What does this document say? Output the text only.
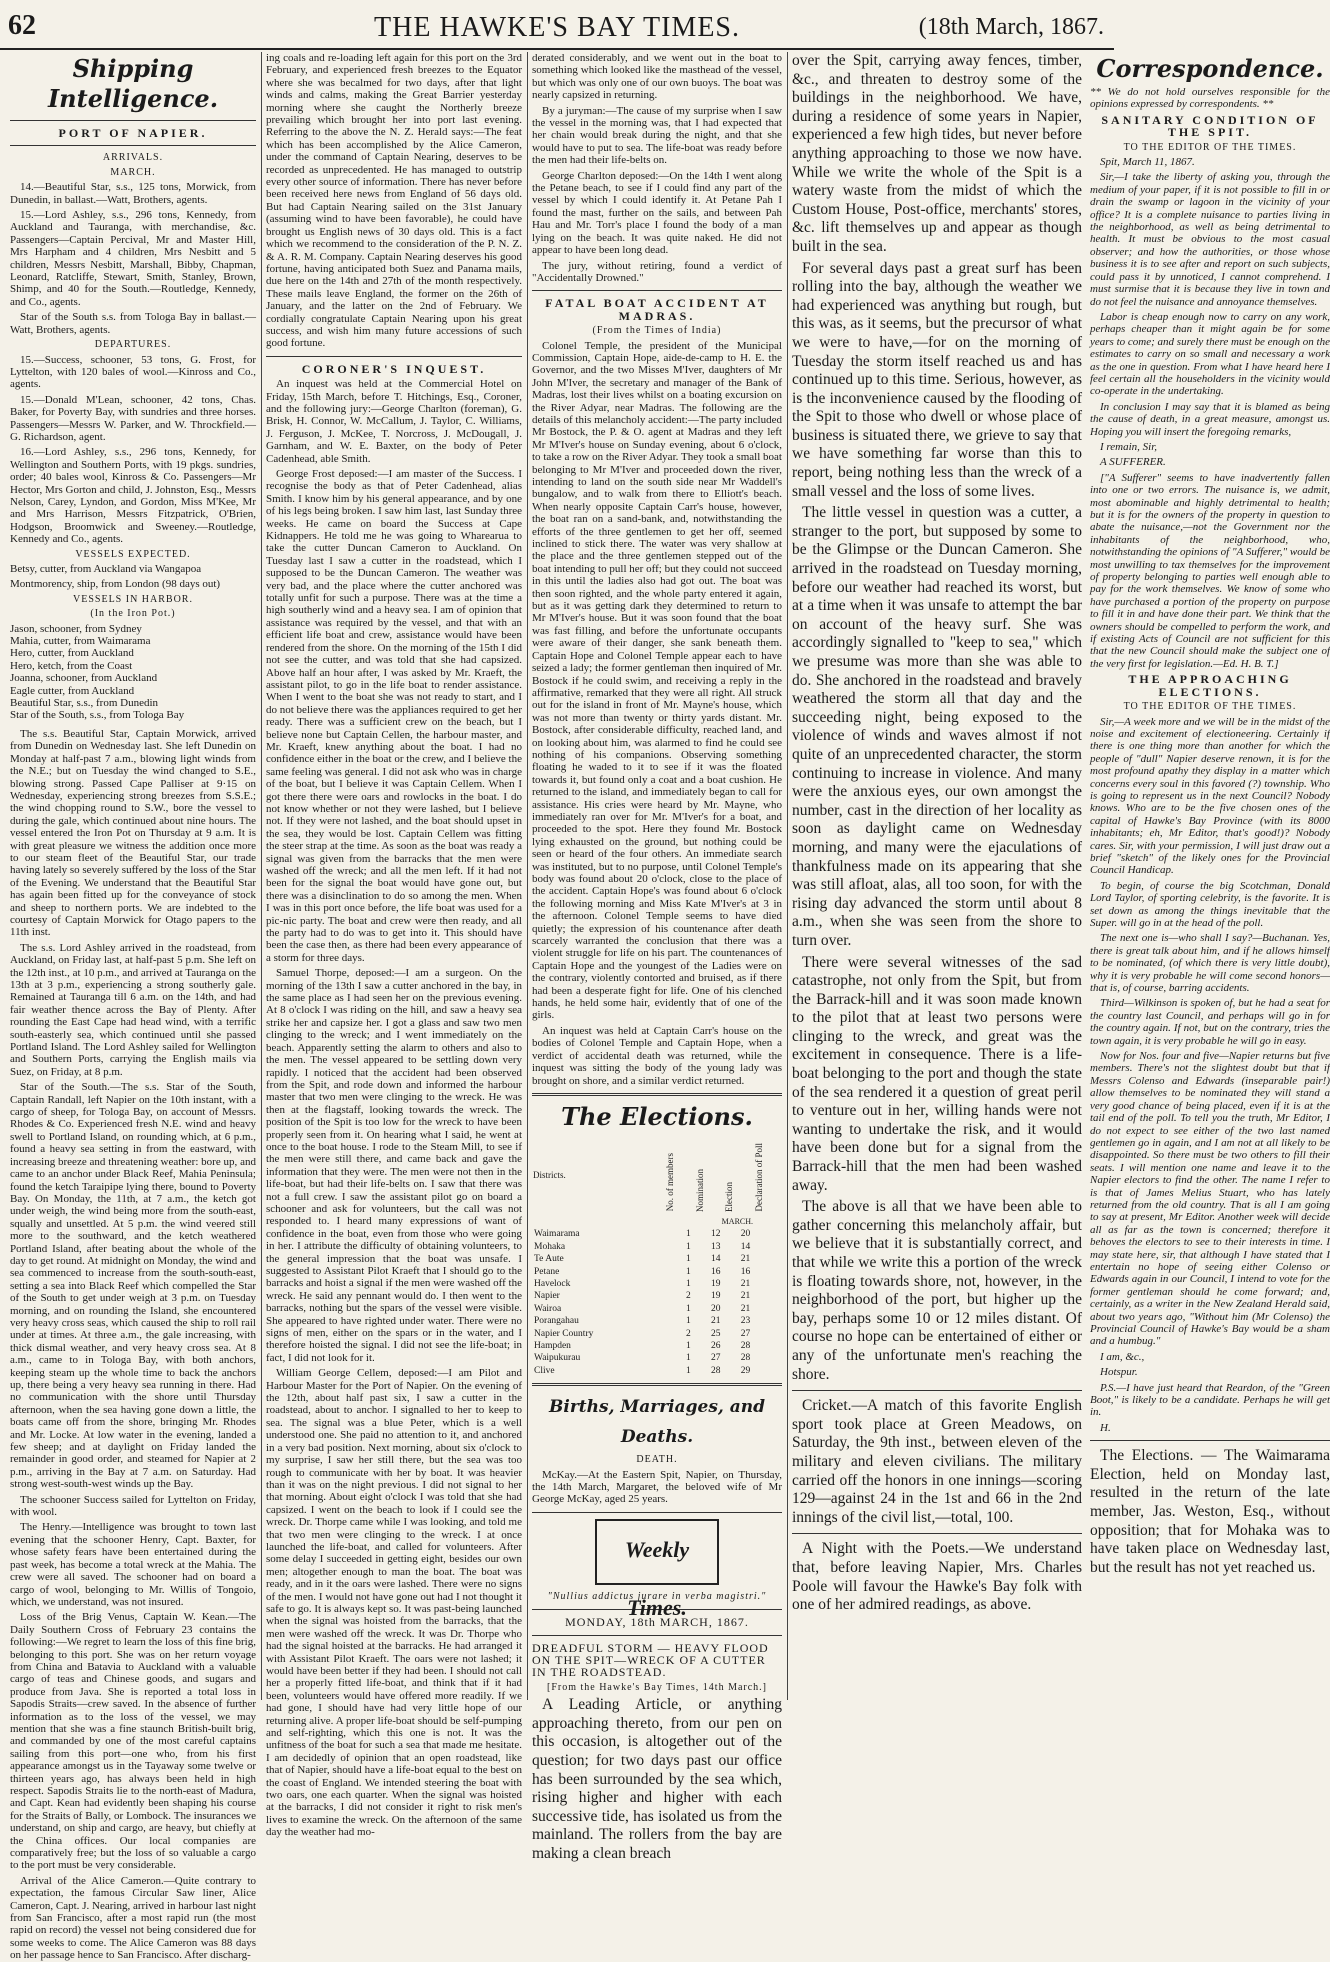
62	THE HAWKE'S BAY TIMES.	(18th March, 1867.
Shipping Intelligence.
PORT OF NAPIER.
ARRIVALS.
MARCH.

14.—Beautiful Star, s.s., 125 tons, Morwick, from Dunedin, in ballast.—Watt, Brothers, agents.

15.—Lord Ashley, s.s., 296 tons, Kennedy, from Auckland and Tauranga, with merchandise, &c. Passengers—Captain Percival, Mr and Master Hill, Mrs Harpham and 4 children, Mrs Nesbitt and 5 children, Messrs Nesbitt, Marshall, Bibby, Chapman, Leonard, Ratcliffe, Stewart, Smith, Stanley, Brown, Shimp, and 40 for the South.—Routledge, Kennedy, and Co., agents.

Star of the South s.s. from Tologa Bay in ballast.—Watt, Brothers, agents.

DEPARTURES.

15.—Success, schooner, 53 tons, G. Frost, for Lyttelton, with 120 bales of wool.—Kinross and Co., agents.

15.—Donald M'Lean, schooner, 42 tons, Chas. Baker, for Poverty Bay, with sundries and three horses. Passengers—Messrs W. Parker, and W. Throckfield.—G. Richardson, agent.

16.—Lord Ashley, s.s., 296 tons, Kennedy, for Wellington and Southern Ports, with 19 pkgs. sundries, order; 40 bales wool, Kinross & Co. Passengers—Mr Hector, Mrs Gorton and child, J. Johnston, Esq., Messrs Nelson, Carey, Lyndon, and Gordon, Miss M'Kee, Mr and Mrs Harrison, Messrs Fitzpatrick, O'Brien, Hodgson, Broomwick and Sweeney.—Routledge, Kennedy and Co., agents.

VESSELS EXPECTED.

Betsy, cutter, from Auckland via Wangapoa

Montmorency, ship, from London (98 days out)

VESSELS IN HARBOR.
(In the Iron Pot.)
Jason, schooner, from Sydney
Mahia, cutter, from Waimarama
Hero, cutter, from Auckland
Hero, ketch, from the Coast
Joanna, schooner, from Auckland
Eagle cutter, from Auckland
Beautiful Star, s.s., from Dunedin
Star of the South, s.s., from Tologa Bay

The s.s. Beautiful Star, Captain Morwick, arrived from Dunedin on Wednesday last. She left Dunedin on Monday at half-past 7 a.m., blowing light winds from the N.E.; but on Tuesday the wind changed to S.E., blowing strong. Passed Cape Palliser at 9·15 on Wednesday, experiencing strong breezes from S.S.E.; the wind chopping round to S.W., bore the vessel to during the gale, which continued about nine hours. The vessel entered the Iron Pot on Thursday at 9 a.m. It is with great pleasure we witness the addition once more to our steam fleet of the Beautiful Star, our trade having lately so severely suffered by the loss of the Star of the Evening. We understand that the Beautiful Star has again been fitted up for the conveyance of stock and sheep to northern ports. We are indebted to the courtesy of Captain Morwick for Otago papers to the 11th inst.

The s.s. Lord Ashley arrived in the roadstead, from Auckland, on Friday last, at half-past 5 p.m. She left on the 12th inst., at 10 p.m., and arrived at Tauranga on the 13th at 3 p.m., experiencing a strong southerly gale. Remained at Tauranga till 6 a.m. on the 14th, and had fair weather thence across the Bay of Plenty. After rounding the East Cape had head wind, with a terrific south-easterly sea, which continued until she passed Portland Island. The Lord Ashley sailed for Wellington and Southern Ports, carrying the English mails via Suez, on Friday, at 8 p.m.

Star of the South.—The s.s. Star of the South, Captain Randall, left Napier on the 10th instant, with a cargo of sheep, for Tologa Bay, on account of Messrs. Rhodes & Co. Experienced fresh N.E. wind and heavy swell to Portland Island, on rounding which, at 6 p.m., found a heavy sea setting in from the eastward, with increasing breeze and threatening weather: bore up, and came to an anchor under Black Reef, Mahia Peninsula; found the ketch Taraipipe lying there, bound to Poverty Bay. On Monday, the 11th, at 7 a.m., the ketch got under weigh, the wind being more from the south-east, squally and unsettled. At 5 p.m. the wind veered still more to the southward, and the ketch weathered Portland Island, after beating about the whole of the day to get round. At midnight on Monday, the wind and sea commenced to increase from the south-south-east, setting a sea into Black Reef which compelled the Star of the South to get under weigh at 3 p.m. on Tuesday morning, and on rounding the Island, she encountered very heavy cross seas, which caused the ship to roll rail under at times. At three a.m., the gale increasing, with thick dismal weather, and very heavy cross sea. At 8 a.m., came to in Tologa Bay, with both anchors, keeping steam up the whole time to back the anchors up, there being a very heavy sea running in there. Had no communication with the shore until Thursday afternoon, when the sea having gone down a little, the boats came off from the shore, bringing Mr. Rhodes and Mr. Locke. At low water in the evening, landed a few sheep; and at daylight on Friday landed the remainder in good order, and steamed for Napier at 2 p.m., arriving in the Bay at 7 a.m. on Saturday. Had strong west-south-west winds up the Bay.

The schooner Success sailed for Lyttelton on Friday, with wool.

The Henry.—Intelligence was brought to town last evening that the schooner Henry, Capt. Baxter, for whose safety fears have been entertained during the past week, has become a total wreck at the Mahia. The crew were all saved. The schooner had on board a cargo of wool, belonging to Mr. Willis of Tongoio, which, we understand, was not insured.

Loss of the Brig Venus, Captain W. Kean.—The Daily Southern Cross of February 23 contains the following:—We regret to learn the loss of this fine brig, belonging to this port. She was on her return voyage from China and Batavia to Auckland with a valuable cargo of teas and Chinese goods, and sugars and produce from Java. She is reported a total loss in Sapodis Straits—crew saved. In the absence of further information as to the loss of the vessel, we may mention that she was a fine staunch British-built brig, and commanded by one of the most careful captains sailing from this port—one who, from his first appearance amongst us in the Tayaway some twelve or thirteen years ago, has always been held in high respect. Sapodis Straits lie to the north-east of Madura, and Capt. Kean had evidently been shaping his course for the Straits of Bally, or Lombock. The insurances we understand, on ship and cargo, are heavy, but chiefly at the China offices. Our local companies are comparatively free; but the loss of so valuable a cargo to the port must be very considerable.

Arrival of the Alice Cameron.—Quite contrary to expectation, the famous Circular Saw liner, Alice Cameron, Capt. J. Nearing, arrived in harbour last night from San Francisco, after a most rapid run (the most rapid on record) the vessel not being considered due for some weeks to come. The Alice Cameron was 88 days on her passage hence to San Francisco. After discharg-

ing coals and re-loading left again for this port on the 3rd February, and experienced fresh breezes to the Equator where she was becalmed for two days, after that light winds and calms, making the Great Barrier yesterday morning where she caught the Northerly breeze prevailing which brought her into port last evening. Referring to the above the N. Z. Herald says:—The feat which has been accomplished by the Alice Cameron, under the command of Captain Nearing, deserves to be recorded as unprecedented. He has managed to outstrip every other source of information. There has never before been received here news from England of 56 days old. But had Captain Nearing sailed on the 31st January (assuming wind to have been favorable), he could have brought us English news of 30 days old. This is a fact which we recommend to the consideration of the P. N. Z. & A. R. M. Company. Captain Nearing deserves his good fortune, having anticipated both Suez and Panama mails, due here on the 14th and 27th of the month respectively. These mails leave England, the former on the 26th of January, and the latter on the 2nd of February. We cordially congratulate Captain Nearing upon his great success, and wish him many future accessions of such good fortune.

CORONER'S INQUEST.

An inquest was held at the Commercial Hotel on Friday, 15th March, before T. Hitchings, Esq., Coroner, and the following jury:—George Charlton (foreman), G. Brisk, H. Connor, W. McCallum, J. Taylor, C. Williams, J. Ferguson, J. McKee, T. Norcross, J. McDougall, J. Garnham, and W. E. Baxter, on the body of Peter Cadenhead, able Smith.

George Frost deposed:—I am master of the Success. I recognise the body as that of Peter Cadenhead, alias Smith. I know him by his general appearance, and by one of his legs being broken. I saw him last, last Sunday three weeks. He came on board the Success at Cape Kidnappers. He told me he was going to Wharearua to take the cutter Duncan Cameron to Auckland. On Tuesday last I saw a cutter in the roadstead, which I supposed to be the Duncan Cameron. The weather was very bad, and the place where the cutter anchored was totally unfit for such a purpose. There was at the time a high southerly wind and a heavy sea. I am of opinion that assistance was required by the vessel, and that with an efficient life boat and crew, assistance would have been rendered from the shore. On the morning of the 15th I did not see the cutter, and was told that she had capsized. Above half an hour after, I was asked by Mr. Kraeft, the assistant pilot, to go in the life boat to render assistance. When I went to the boat she was not ready to start, and I do not believe there was the appliances required to get her ready. There was a sufficient crew on the beach, but I believe none but Captain Cellen, the harbour master, and Mr. Kraeft, knew anything about the boat. I had no confidence either in the boat or the crew, and I believe the same feeling was general. I did not ask who was in charge of the boat, but I believe it was Captain Cellem. When I got there there were oars and rowlocks in the boat. I do not know whether or not they were lashed, but I believe not. If they were not lashed, and the boat should upset in the sea, they would be lost. Captain Cellem was fitting the steer strap at the time. As soon as the boat was ready a signal was given from the barracks that the men were washed off the wreck; and all the men left. If it had not been for the signal the boat would have gone out, but there was a disinclination to do so among the men. When I was in this port once before, the life boat was used for a pic-nic party. The boat and crew were then ready, and all the party had to do was to get into it. This should have been the case then, as there had been every appearance of a storm for three days.

Samuel Thorpe, deposed:—I am a surgeon. On the morning of the 13th I saw a cutter anchored in the bay, in the same place as I had seen her on the previous evening. At 8 o'clock I was riding on the hill, and saw a heavy sea strike her and capsize her. I got a glass and saw two men clinging to the wreck; and I went immediately on the beach. Apparently setting the alarm to others and also to the men. The vessel appeared to be settling down very rapidly. I noticed that the accident had been observed from the Spit, and rode down and informed the harbour master that two men were clinging to the wreck. He was then at the flagstaff, looking towards the wreck. The position of the Spit is too low for the wreck to have been properly seen from it. On hearing what I said, he went at once to the boat house. I rode to the Steam Mill, to see if the men were still there, and came back and gave the information that they were. The men were not then in the life-boat, but had their life-belts on. I saw that there was not a full crew. I saw the assistant pilot go on board a schooner and ask for volunteers, but the call was not responded to. I heard many expressions of want of confidence in the boat, even from those who were going in her. I attribute the difficulty of obtaining volunteers, to the general impression that the boat was unsafe. I suggested to Assistant Pilot Kraeft that I should go to the barracks and hoist a signal if the men were washed off the wreck. He said any pennant would do. I then went to the barracks, nothing but the spars of the vessel were visible. She appeared to have righted under water. There were no signs of men, either on the spars or in the water, and I therefore hoisted the signal. I did not see the life-boat; in fact, I did not look for it.

William George Cellem, deposed:—I am Pilot and Harbour Master for the Port of Napier. On the evening of the 12th, about half past six, I saw a cutter in the roadstead, about to anchor. I signalled to her to keep to sea. The signal was a blue Peter, which is a well understood one. She paid no attention to it, and anchored in a very bad position. Next morning, about six o'clock to my surprise, I saw her still there, but the sea was too rough to communicate with her by boat. It was heavier than it was on the night previous. I did not signal to her that morning. About eight o'clock I was told that she had capsized. I went on the beach to look if I could see the wreck. Dr. Thorpe came while I was looking, and told me that two men were clinging to the wreck. I at once launched the life-boat, and called for volunteers. After some delay I succeeded in getting eight, besides our own men; altogether enough to man the boat. The boat was ready, and in it the oars were lashed. There were no signs of the men. I would not have gone out had I not thought it safe to go. It is always kept so. It was past-being launched when the signal was hoisted from the barracks, that the men were washed off the wreck. It was Dr. Thorpe who had the signal hoisted at the barracks. He had arranged it with Assistant Pilot Kraeft. The oars were not lashed; it would have been better if they had been. I should not call her a properly fitted life-boat, and think that if it had been, volunteers would have offered more readily. If we had gone, I should have had very little hope of our returning alive. A proper life-boat should be self-pumping and self-righting, which this one is not. It was the unfitness of the boat for such a sea that made me hesitate. I am decidedly of opinion that an open roadstead, like that of Napier, should have a life-boat equal to the best on the coast of England. We intended steering the boat with two oars, one each quarter. When the signal was hoisted at the barracks, I did not consider it right to risk men's lives to examine the wreck. On the afternoon of the same day the weather had mo-

derated considerably, and we went out in the boat to something which looked like the masthead of the vessel, but which was only one of our own buoys. The boat was nearly capsized in returning.

By a juryman:—The cause of my surprise when I saw the vessel in the morning was, that I had expected that her chain would break during the night, and that she would have to put to sea. The life-boat was ready before the men had their life-belts on.

George Charlton deposed:—On the 14th I went along the Petane beach, to see if I could find any part of the vessel by which I could identify it. At Petane Pah I found the mast, further on the sails, and between Pah Hau and Mr. Torr's place I found the body of a man lying on the beach. It was quite naked. He did not appear to have been long dead.

The jury, without retiring, found a verdict of "Accidentally Drowned."

FATAL BOAT ACCIDENT AT MADRAS.
(From the Times of India)

Colonel Temple, the president of the Municipal Commission, Captain Hope, aide-de-camp to H. E. the Governor, and the two Misses M'Iver, daughters of Mr John M'Iver, the secretary and manager of the Bank of Madras, lost their lives whilst on a boating excursion on the River Adyar, near Madras. The following are the details of this melancholy accident:—The party included Mr Bostock, the P. & O. agent at Madras and they left Mr M'Iver's house on Sunday evening, about 6 o'clock, to take a row on the River Adyar. They took a small boat belonging to Mr M'Iver and proceeded down the river, intending to land on the south side near Mr Waddell's bungalow, and to walk from there to Elliott's beach. When nearly opposite Captain Carr's house, however, the boat ran on a sand-bank, and, notwithstanding the efforts of the three gentlemen to get her off, seemed inclined to stick there. The water was very shallow at the place and the three gentlemen stepped out of the boat intending to pull her off; but they could not succeed in this until the ladies also had got out. The boat was then soon righted, and the whole party entered it again, but as it was getting dark they determined to return to Mr M'Iver's house. But it was soon found that the boat was fast filling, and before the unfortunate occupants were aware of their danger, she sank beneath them. Captain Hope and Colonel Temple appear each to have seized a lady; the former gentleman then inquired of Mr. Bostock if he could swim, and receiving a reply in the affirmative, remarked that they were all right. All struck out for the island in front of Mr. Mayne's house, which was not more than twenty or thirty yards distant. Mr. Bostock, after considerable difficulty, reached land, and on looking about him, was alarmed to find he could see nothing of his companions. Observing something floating he waded to it to see if it was the floated towards it, but found only a coat and a boat cushion. He returned to the island, and immediately began to call for assistance. His cries were heard by Mr. Mayne, who immediately ran over for Mr. M'Iver's for a boat, and proceeded to the spot. Here they found Mr. Bostock lying exhausted on the ground, but nothing could be seen or heard of the four others. An immediate search was instituted, but to no purpose, until Colonel Temple's body was found about 20 o'clock, close to the place of the accident. Captain Hope's was found about 6 o'clock the following morning and Miss Kate M'Iver's at 3 in the afternoon. Colonel Temple seems to have died quietly; the expression of his countenance after death scarcely warranted the conclusion that there was a violent struggle for life on his part. The countenances of Captain Hope and the youngest of the Ladies were on the contrary, violently contorted and bruised, as if there had been a desperate fight for life. One of his clenched hands, he held some hair, evidently that of one of the girls.

An inquest was held at Captain Carr's house on the bodies of Colonel Temple and Captain Hope, when a verdict of accidental death was returned, while the inquest was sitting the body of the young lady was brought on shore, and a similar verdict returned.

The Elections.
Districts.	No. of members	Nomination	Election	Declaration of Poll
		MARCH.		
Waimarama	1	12	20	
Mohaka	1	13	14	
Te Aute	1	14	21	
Petane	1	16	16	
Havelock	1	19	21	
Napier	2	19	21	
Wairoa	1	20	21	
Porangahau	1	21	23	
Napier Country	2	25	27	
Hampden	1	26	28	
Waipukurau	1	27	28	
Clive	1	28	29	
Births, Marriages, and Deaths.
DEATH.

McKay.—At the Eastern Spit, Napier, on Thursday, the 14th March, Margaret, the beloved wife of Mr George McKay, aged 25 years.

Weekly Times.
"Nullius addictus jurare in verba magistri."
MONDAY, 18th MARCH, 1867.
DREADFUL STORM — HEAVY FLOOD ON THE SPIT—WRECK OF A CUTTER IN THE ROADSTEAD.
[From the Hawke's Bay Times, 14th March.]

A Leading Article, or anything approaching thereto, from our pen on this occasion, is altogether out of the question; for two days past our office has been surrounded by the sea which, rising higher and higher with each successive tide, has isolated us from the mainland. The rollers from the bay are making a clean breach

over the Spit, carrying away fences, timber, &c., and threaten to destroy some of the buildings in the neighborhood. We have, during a residence of some years in Napier, experienced a few high tides, but never before anything approaching to those we now have. While we write the whole of the Spit is a watery waste from the midst of which the Custom House, Post-office, merchants' stores, &c. lift themselves up and appear as though built in the sea.

For several days past a great surf has been rolling into the bay, although the weather we had experienced was anything but rough, but this was, as it seems, but the precursor of what we were to have,—for on the morning of Tuesday the storm itself reached us and has continued up to this time. Serious, however, as is the inconvenience caused by the flooding of the Spit to those who dwell or whose place of business is situated there, we grieve to say that we have something far worse than this to report, being nothing less than the wreck of a small vessel and the loss of some lives.

The little vessel in question was a cutter, a stranger to the port, but supposed by some to be the Glimpse or the Duncan Cameron. She arrived in the roadstead on Tuesday morning, before our weather had reached its worst, but at a time when it was unsafe to attempt the bar on account of the heavy surf. She was accordingly signalled to "keep to sea," which we presume was more than she was able to do. She anchored in the roadstead and bravely weathered the storm all that day and the succeeding night, being exposed to the violence of winds and waves almost if not quite of an unprecedented character, the storm continuing to increase in violence. And many were the anxious eyes, our own amongst the number, cast in the direction of her locality as soon as daylight came on Wednesday morning, and many were the ejaculations of thankfulness made on its appearing that she was still afloat, alas, all too soon, for with the rising day advanced the storm until about 8 a.m., when she was seen from the shore to turn over.

There were several witnesses of the sad catastrophe, not only from the Spit, but from the Barrack-hill and it was soon made known to the pilot that at least two persons were clinging to the wreck, and great was the excitement in consequence. There is a life-boat belonging to the port and though the state of the sea rendered it a question of great peril to venture out in her, willing hands were not wanting to undertake the risk, and it would have been done but for a signal from the Barrack-hill that the men had been washed away.

The above is all that we have been able to gather concerning this melancholy affair, but we believe that it is substantially correct, and that while we write this a portion of the wreck is floating towards shore, not, however, in the neighborhood of the port, but higher up the bay, perhaps some 10 or 12 miles distant. Of course no hope can be entertained of either or any of the unfortunate men's reaching the shore.

Cricket.—A match of this favorite English sport took place at Green Meadows, on Saturday, the 9th inst., between eleven of the military and eleven civilians. The military carried off the honors in one innings—scoring 129—against 24 in the 1st and 66 in the 2nd innings of the civil list,—total, 100.

A Night with the Poets.—We understand that, before leaving Napier, Mrs. Charles Poole will favour the Hawke's Bay folk with one of her admired readings, as above.

Correspondence.

** We do not hold ourselves responsible for the opinions expressed by correspondents. **

SANITARY CONDITION OF THE SPIT.
TO THE EDITOR OF THE TIMES.

Spit, March 11, 1867.

Sir,—I take the liberty of asking you, through the medium of your paper, if it is not possible to fill in or drain the swamp or lagoon in the vicinity of your office? It is a complete nuisance to parties living in the neighborhood, as well as being detrimental to health. It must be obvious to the most casual observer; and how the authorities, or those whose business it is to see after and report on such subjects, could pass it by unnoticed, I cannot comprehend. I must surmise that it is because they live in town and do not feel the nuisance and annoyance themselves.

Labor is cheap enough now to carry on any work, perhaps cheaper than it might again be for some years to come; and surely there must be enough on the estimates to carry on so small and necessary a work as the one in question. From what I have heard here I feel certain all the householders in the vicinity would co-operate in the undertaking.

In conclusion I may say that it is blamed as being the cause of death, in a great measure, amongst us. Hoping you will insert the foregoing remarks,

I remain, Sir,

A SUFFERER.

["A Sufferer" seems to have inadvertently fallen into one or two errors. The nuisance is, we admit, most abominable and highly detrimental to health; but it is for the owners of the property in question to abate the nuisance,—not the Government nor the inhabitants of the neighborhood, who, notwithstanding the opinions of "A Sufferer," would be most unwilling to tax themselves for the improvement of property belonging to parties well enough able to pay for the work themselves. We know of some who have purchased a portion of the property on purpose to fill it in and have done their part. We think that the owners should be compelled to perform the work, and if existing Acts of Council are not sufficient for this that the new Council should make the subject one of the very first for legislation.—Ed. H. B. T.]

THE APPROACHING ELECTIONS.
TO THE EDITOR OF THE TIMES.

Sir,—A week more and we will be in the midst of the noise and excitement of electioneering. Certainly if there is one thing more than another for which the people of "dull" Napier deserve renown, it is for the most profound apathy they display in a matter which concerns every soul in this favored (?) township. Who is going to represent us in the next Council? Nobody knows. Who are to be the five chosen ones of the capital of Hawke's Bay Province (with its 8000 inhabitants; eh, Mr Editor, that's good!)? Nobody cares. Sir, with your permission, I will just draw out a brief "sketch" of the likely ones for the Provincial Council Handicap.

To begin, of course the big Scotchman, Donald Lord Taylor, of sporting celebrity, is the favorite. It is set down as among the things inevitable that the Super. will go in at the head of the poll.

The next one is—who shall I say?—Buchanan. Yes, there is great talk about him, and if he allows himself to be nominated, (of which there is very little doubt), why it is very probable he will come second honors—that is, of course, barring accidents.

Third—Wilkinson is spoken of, but he had a seat for the country last Council, and perhaps will go in for the country again. If not, but on the contrary, tries the town again, it is very probable he will go in easy.

Now for Nos. four and five—Napier returns but five members. There's not the slightest doubt but that if Messrs Colenso and Edwards (inseparable pair!) allow themselves to be nominated they will stand a very good chance of being placed, even if it is at the tail end of the poll. To tell you the truth, Mr Editor, I do not expect to see either of the two last named gentlemen go in again, and I am not at all likely to be disappointed. So there must be two others to fill their seats. I will mention one name and leave it to the Napier electors to find the other. The name I refer to is that of James Melius Stuart, who has lately returned from the old country. That is all I am going to say at present, Mr Editor. Another week will decide all as far as the town is concerned; therefore it behoves the electors to see to their interests in time. I may state here, sir, that although I have stated that I entertain no hope of seeing either Colenso or Edwards again in our Council, I intend to vote for the former gentleman should he come forward; and, certainly, as a writer in the New Zealand Herald said, about two years ago, "Without him (Mr Colenso) the Provincial Council of Hawke's Bay would be a sham and a humbug."

I am, &c.,

Hotspur.

P.S.—I have just heard that Reardon, of the "Green Boot," is likely to be a candidate. Perhaps he will get in.

H.

The Elections. — The Waimarama Election, held on Monday last, resulted in the return of the late member, Jas. Weston, Esq., without opposition; that for Mohaka was to have taken place on Wednesday last, but the result has not yet reached us.
